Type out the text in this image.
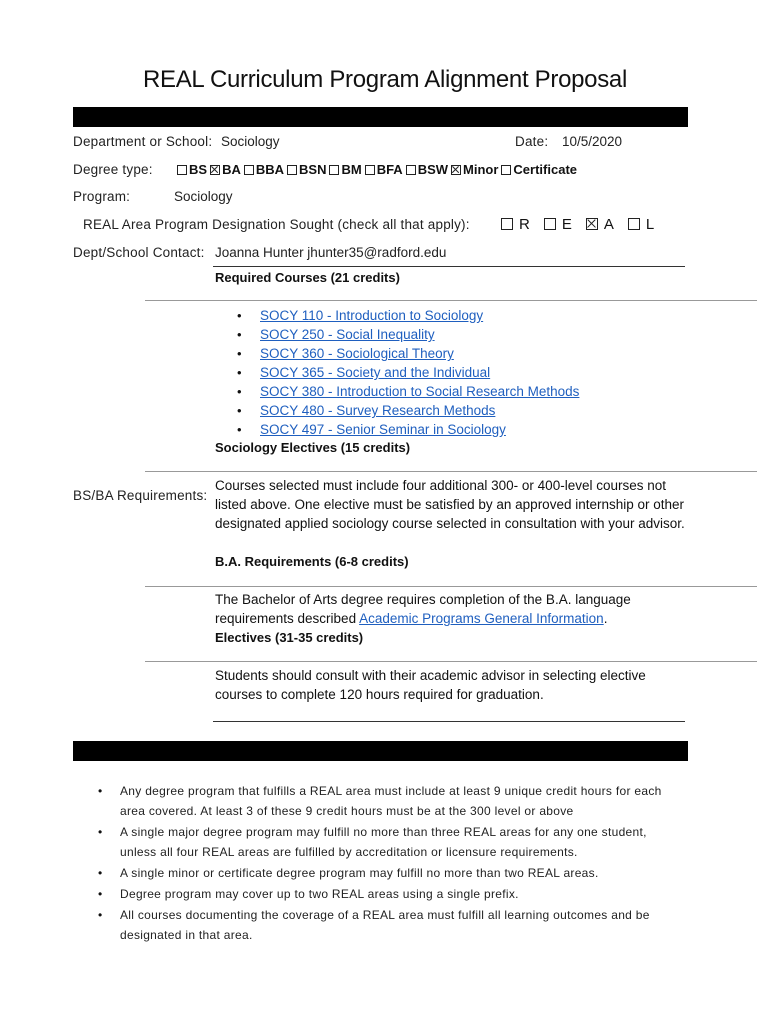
REAL Curriculum Program Alignment Proposal
Department or School: Sociology	Date: 10/5/2020
Degree type:	BS BA BBA BSN BM BFA BSW Minor Certificate
Program:	Sociology
REAL Area Program Designation Sought (check all that apply):	R E A L
Dept/School Contact: Joanna Hunter jhunter35@radford.edu
Required Courses (21 credits)
• SOCY 110 - Introduction to Sociology
• SOCY 250 - Social Inequality
• SOCY 360 - Sociological Theory
• SOCY 365 - Society and the Individual
• SOCY 380 - Introduction to Social Research Methods
• SOCY 480 - Survey Research Methods
• SOCY 497 - Senior Seminar in Sociology
Sociology Electives (15 credits)
BS/BA Requirements:
Courses selected must include four additional 300- or 400-level courses not listed above. One elective must be satisfied by an approved internship or other designated applied sociology course selected in consultation with your advisor.
B.A. Requirements (6-8 credits)
The Bachelor of Arts degree requires completion of the B.A. language requirements described Academic Programs General Information.
Electives (31-35 credits)
Students should consult with their academic advisor in selecting elective courses to complete 120 hours required for graduation.
• Any degree program that fulfills a REAL area must include at least 9 unique credit hours for each area covered. At least 3 of these 9 credit hours must be at the 300 level or above
• A single major degree program may fulfill no more than three REAL areas for any one student, unless all four REAL areas are fulfilled by accreditation or licensure requirements.
• A single minor or certificate degree program may fulfill no more than two REAL areas.
• Degree program may cover up to two REAL areas using a single prefix.
• All courses documenting the coverage of a REAL area must fulfill all learning outcomes and be designated in that area.
